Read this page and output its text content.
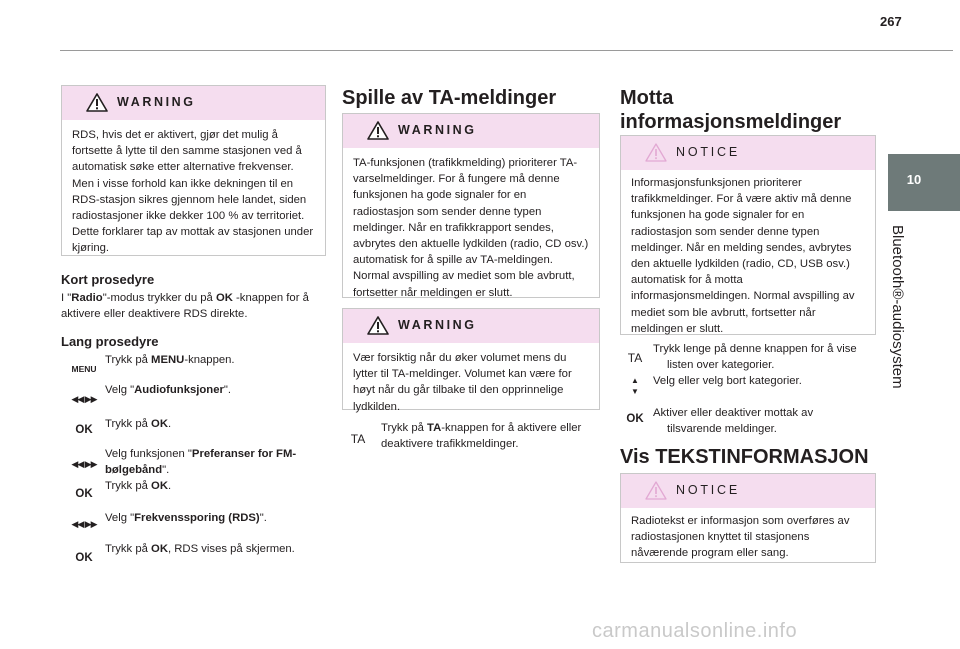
267
10
Bluetooth®-audiosystem
WARNING
RDS, hvis det er aktivert, gjør det mulig å fortsette å lytte til den samme stasjonen ved å automatisk søke etter alternative frekvenser. Men i visse forhold kan ikke dekningen til en RDS-stasjon sikres gjennom hele landet, siden radiostasjoner ikke dekker 100 % av territoriet. Dette forklarer tap av mottak av stasjonen under kjøring.
Kort prosedyre
I "Radio"-modus trykker du på OK -knappen for å aktivere eller deaktivere RDS direkte.
Lang prosedyre
MENU
Trykk på MENU-knappen.
◀◀ ▶▶
Velg "Audiofunksjoner".
OK	Trykk på OK.
◀◀ ▶▶
Velg funksjonen "Preferanser for FM-bølgebånd".
OK
Trykk på OK.
◀◀ ▶▶ Velg "Frekvenssporing (RDS)".
OK
Trykk på OK, RDS vises på skjermen.
Spille av TA-meldinger
WARNING
TA-funksjonen (trafikkmelding) prioriterer TA-varselmeldinger. For å fungere må denne funksjonen ha gode signaler for en radiostasjon som sender denne typen meldinger. Når en trafikkrapport sendes, avbrytes den aktuelle lydkilden (radio, CD osv.) automatisk for å spille av TA-meldingen. Normal avspilling av mediet som ble avbrutt, fortsetter når meldingen er slutt.
WARNING
Vær forsiktig når du øker volumet mens du lytter til TA-meldinger. Volumet kan være for høyt når du går tilbake til den opprinnelige lydkilden.
TA
Trykk på TA-knappen for å aktivere eller deaktivere trafikkmeldinger.
Motta informasjonsmeldinger
NOTICE
Informasjonsfunksjonen prioriterer trafikkmeldinger. For å være aktiv må denne funksjonen ha gode signaler for en radiostasjon som sender denne typen meldinger. Når en melding sendes, avbrytes den aktuelle lydkilden (radio, CD, USB osv.) automatisk for å motta informasjonsmeldingen. Normal avspilling av mediet som ble avbrutt, fortsetter når meldingen er slutt.
TA
▲
▼
Trykk lenge på denne knappen for å vise listen over kategorier.
Velg eller velg bort kategorier.
OK Aktiver eller deaktiver mottak av tilsvarende meldinger.
Vis TEKSTINFORMASJON
NOTICE
Radiotekst er informasjon som overføres av radiostasjonen knyttet til stasjonens nåværende program eller sang.
carmanualsonline.info
